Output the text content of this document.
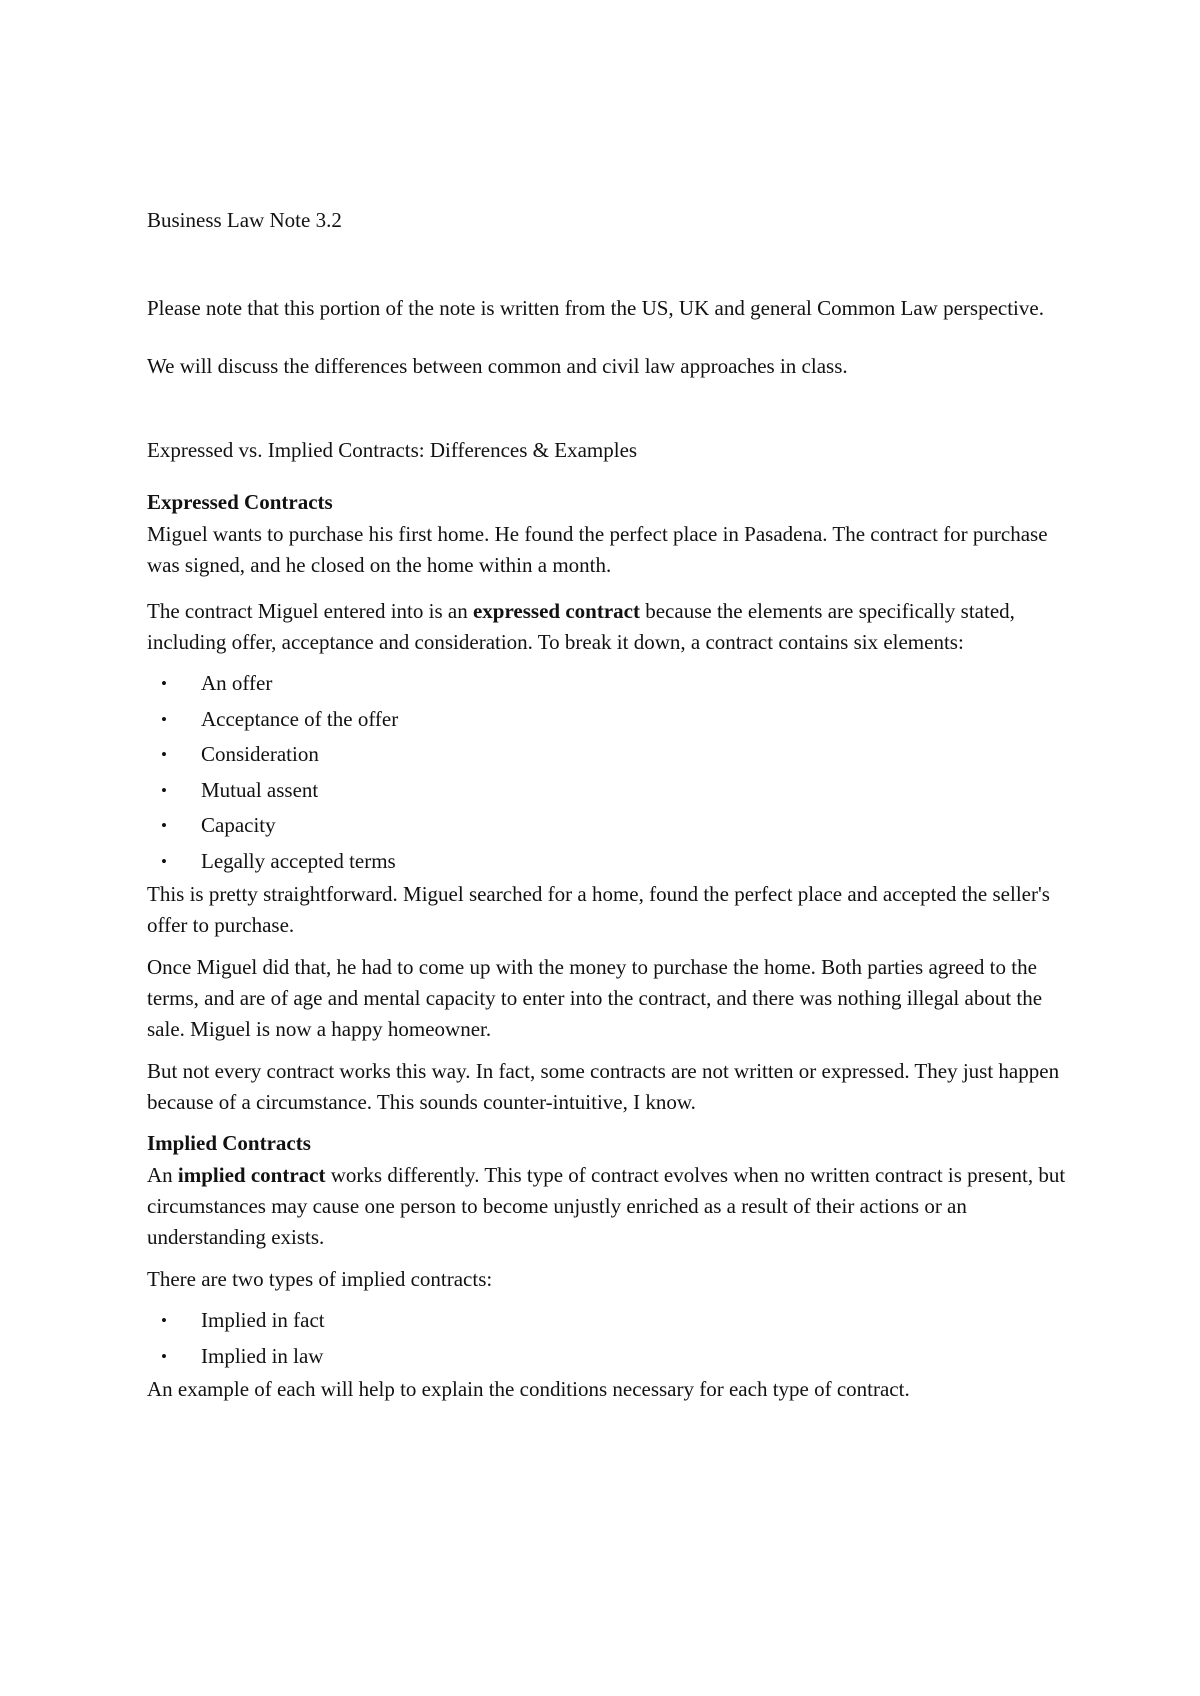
Business Law Note 3.2

Please note that this portion of the note is written from the US, UK and general Common Law perspective. We will discuss the differences between common and civil law approaches in class.

Expressed vs. Implied Contracts: Differences & Examples

Expressed Contracts

Miguel wants to purchase his first home. He found the perfect place in Pasadena. The contract for purchase was signed, and he closed on the home within a month.

The contract Miguel entered into is an expressed contract because the elements are specifically stated, including offer, acceptance and consideration. To break it down, a contract contains six elements:

• An offer
• Acceptance of the offer
• Consideration
• Mutual assent
• Capacity
• Legally accepted terms

This is pretty straightforward. Miguel searched for a home, found the perfect place and accepted the seller's offer to purchase.

Once Miguel did that, he had to come up with the money to purchase the home. Both parties agreed to the terms, and are of age and mental capacity to enter into the contract, and there was nothing illegal about the sale. Miguel is now a happy homeowner.

But not every contract works this way. In fact, some contracts are not written or expressed. They just happen because of a circumstance. This sounds counter-intuitive, I know.

Implied Contracts

An implied contract works differently. This type of contract evolves when no written contract is present, but circumstances may cause one person to become unjustly enriched as a result of their actions or an understanding exists.

There are two types of implied contracts:

• Implied in fact
• Implied in law

An example of each will help to explain the conditions necessary for each type of contract.
